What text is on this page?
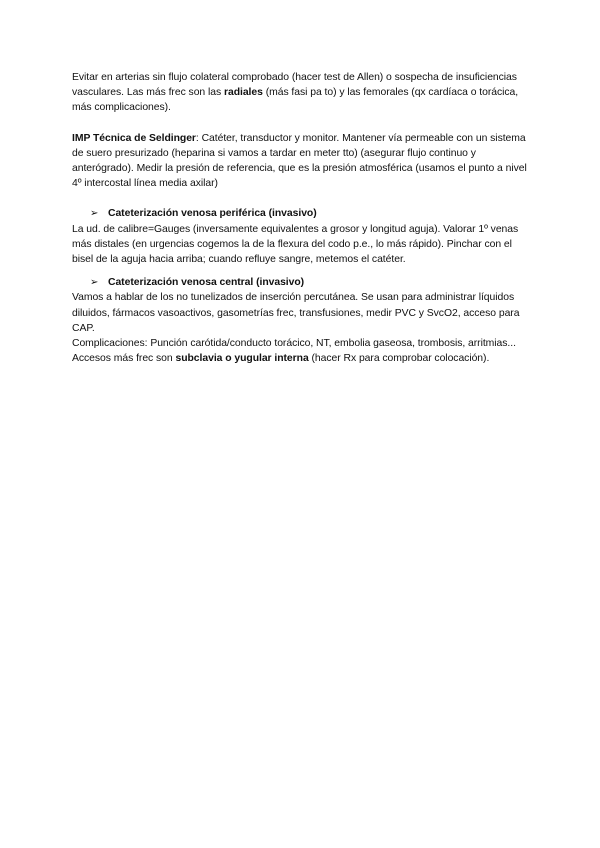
Evitar en arterias sin flujo colateral comprobado (hacer test de Allen) o sospecha de insuficiencias vasculares. Las más frec son las radiales (más fasi pa to) y las femorales (qx cardíaca o torácica, más complicaciones).

IMP Técnica de Seldinger: Catéter, transductor y monitor. Mantener vía permeable con un sistema de suero presurizado (heparina si vamos a tardar en meter tto) (asegurar flujo continuo y anterógrado). Medir la presión de referencia, que es la presión atmosférica (usamos el punto a nivel 4º intercostal línea media axilar)

➢ Cateterización venosa periférica (invasivo)

La ud. de calibre=Gauges (inversamente equivalentes a grosor y longitud aguja). Valorar 1º venas más distales (en urgencias cogemos la de la flexura del codo p.e., lo más rápido). Pinchar con el bisel de la aguja hacia arriba; cuando refluye sangre, metemos el catéter.

➢ Cateterización venosa central (invasivo)

Vamos a hablar de los no tunelizados de inserción percutánea. Se usan para administrar líquidos diluidos, fármacos vasoactivos, gasometrías frec, transfusiones, medir PVC y SvcO2, acceso para CAP.

Complicaciones: Punción carótida/conducto torácico, NT, embolia gaseosa, trombosis, arritmias...

Accesos más frec son subclavia o yugular interna (hacer Rx para comprobar colocación).
